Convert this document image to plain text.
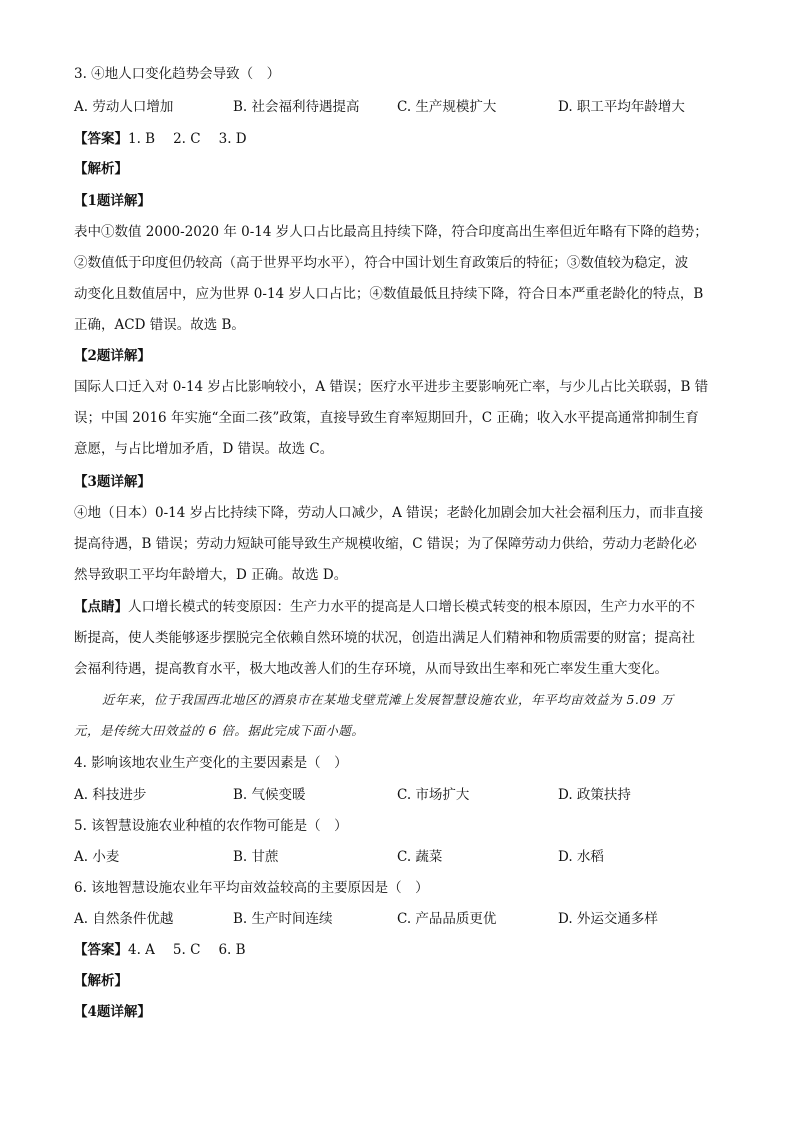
3. ④地人口变化趋势会导致（　）
A. 劳动人口增加	B. 社会福利待遇提高	C. 生产规模扩大	D. 职工平均年龄增大
【答案】1. B 2. C 3. D
【解析】
【1题详解】
表中①数值 2000-2020 年 0-14 岁人口占比最高且持续下降，符合印度高出生率但近年略有下降的趋势；
②数值低于印度但仍较高（高于世界平均水平），符合中国计划生育政策后的特征；③数值较为稳定，波
动变化且数值居中，应为世界 0-14 岁人口占比；④数值最低且持续下降，符合日本严重老龄化的特点，B
正确，ACD 错误。故选 B。
【2题详解】
国际人口迁入对 0-14 岁占比影响较小，A 错误；医疗水平进步主要影响死亡率，与少儿占比关联弱，B 错
误；中国 2016 年实施“全面二孩”政策，直接导致生育率短期回升，C 正确；收入水平提高通常抑制生育
意愿，与占比增加矛盾，D 错误。故选 C。
【3题详解】
④地（日本）0-14 岁占比持续下降，劳动人口减少，A 错误；老龄化加剧会加大社会福利压力，而非直接
提高待遇，B 错误；劳动力短缺可能导致生产规模收缩，C 错误；为了保障劳动力供给，劳动力老龄化必
然导致职工平均年龄增大，D 正确。故选 D。
【点睛】人口增长模式的转变原因：生产力水平的提高是人口增长模式转变的根本原因，生产力水平的不
断提高，使人类能够逐步摆脱完全依赖自然环境的状况，创造出满足人们精神和物质需要的财富；提高社
会福利待遇，提高教育水平，极大地改善人们的生存环境，从而导致出生率和死亡率发生重大变化。
近年来，位于我国西北地区的酒泉市在某地戈壁荒滩上发展智慧设施农业，年平均亩效益为 5.09 万
元，是传统大田效益的 6 倍。据此完成下面小题。
4. 影响该地农业生产变化的主要因素是（　）
A. 科技进步	B. 气候变暖	C. 市场扩大	D. 政策扶持
5. 该智慧设施农业种植的农作物可能是（　）
A. 小麦	B. 甘蔗	C. 蔬菜	D. 水稻
6. 该地智慧设施农业年平均亩效益较高的主要原因是（　）
A. 自然条件优越	B. 生产时间连续	C. 产品品质更优	D. 外运交通多样
【答案】4. A 5. C 6. B
【解析】
【4题详解】
